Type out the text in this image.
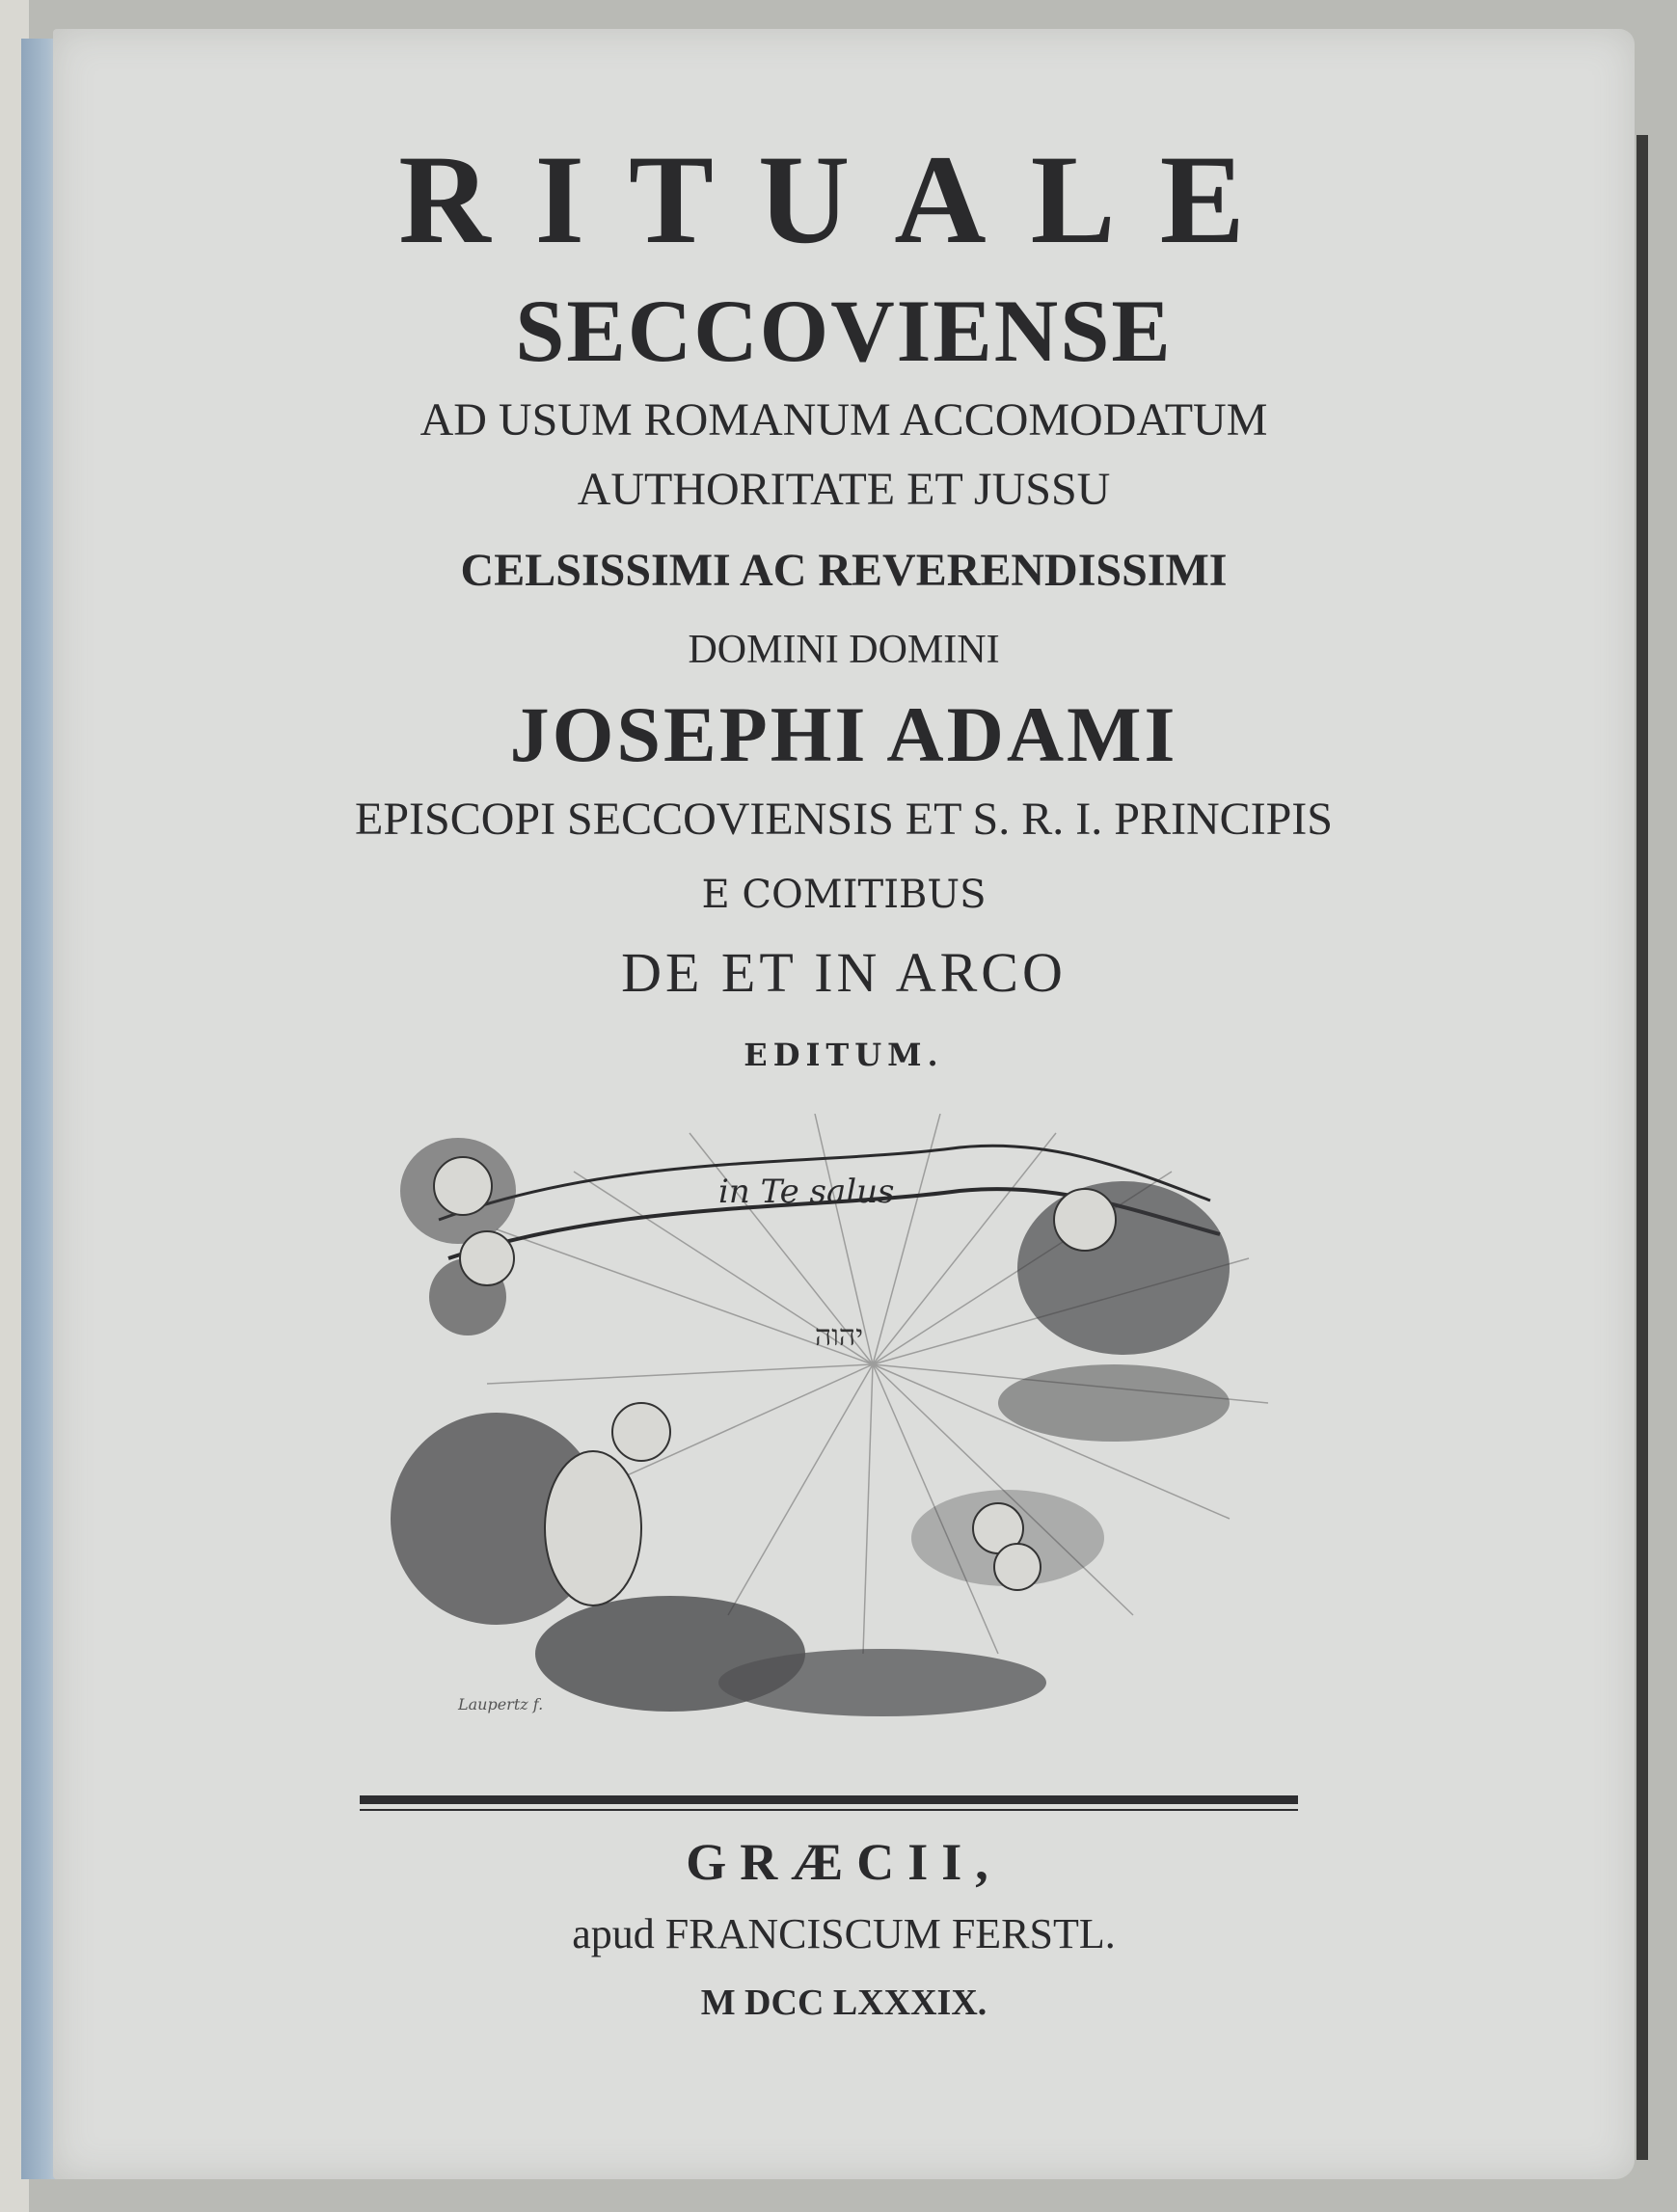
RITUALE
SECCOVIENSE
AD USUM ROMANUM ACCOMODATUM
AUTHORITATE ET JUSSU
CELSISSIMI AC REVERENDISSIMI
DOMINI DOMINI
JOSEPHI ADAMI
EPISCOPI SECCOVIENSIS ET S. R. I. PRINCIPIS
E COMITIBUS
DE ET IN ARCO
EDITUM.
in Te salus
יהוה
Laupertz f.
GRÆCII,
apud FRANCISCUM FERSTL.
M DCC LXXXIX.
